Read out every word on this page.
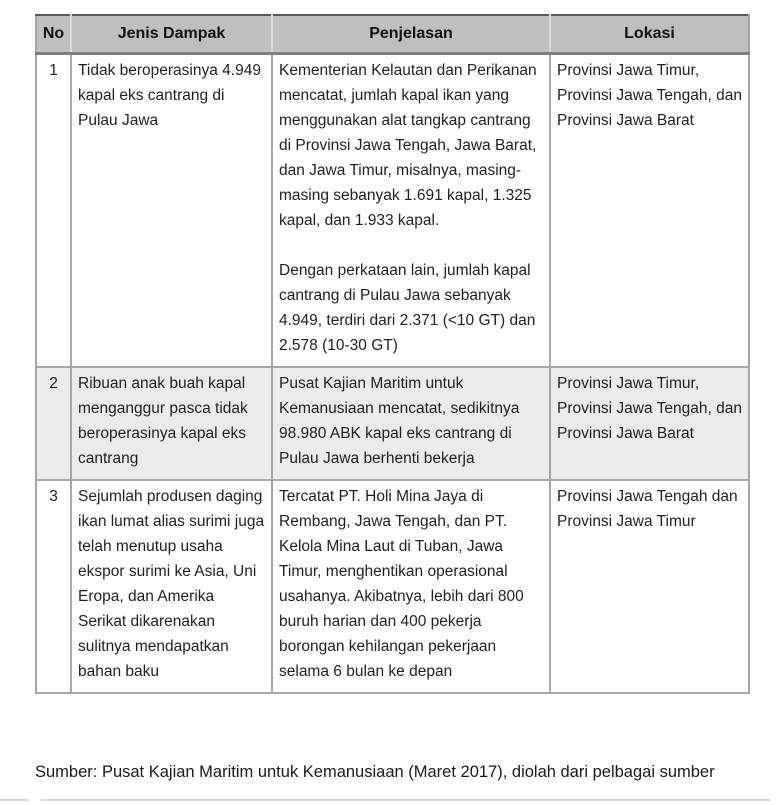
No	Jenis Dampak	Penjelasan	Lokasi
1	Tidak beroperasinya 4.949 kapal eks cantrang di Pulau Jawa	Kementerian Kelautan dan Perikanan mencatat, jumlah kapal ikan yang menggunakan alat tangkap cantrang di Provinsi Jawa Tengah, Jawa Barat, dan Jawa Timur, misalnya, masing-masing sebanyak 1.691 kapal, 1.325 kapal, dan 1.933 kapal.

Dengan perkataan lain, jumlah kapal cantrang di Pulau Jawa sebanyak 4.949, terdiri dari 2.371 (<10 GT) dan 2.578 (10-30 GT)	Provinsi Jawa Timur, Provinsi Jawa Tengah, dan Provinsi Jawa Barat
2	Ribuan anak buah kapal menganggur pasca tidak beroperasinya kapal eks cantrang	Pusat Kajian Maritim untuk Kemanusiaan mencatat, sedikitnya 98.980 ABK kapal eks cantrang di Pulau Jawa berhenti bekerja	Provinsi Jawa Timur, Provinsi Jawa Tengah, dan Provinsi Jawa Barat
3	Sejumlah produsen daging ikan lumat alias surimi juga telah menutup usaha ekspor surimi ke Asia, Uni Eropa, dan Amerika Serikat dikarenakan sulitnya mendapatkan bahan baku	Tercatat PT. Holi Mina Jaya di Rembang, Jawa Tengah, dan PT. Kelola Mina Laut di Tuban, Jawa Timur, menghentikan operasional usahanya. Akibatnya, lebih dari 800 buruh harian dan 400 pekerja borongan kehilangan pekerjaan selama 6 bulan ke depan	Provinsi Jawa Tengah dan Provinsi Jawa Timur
Sumber: Pusat Kajian Maritim untuk Kemanusiaan (Maret 2017), diolah dari pelbagai sumber
